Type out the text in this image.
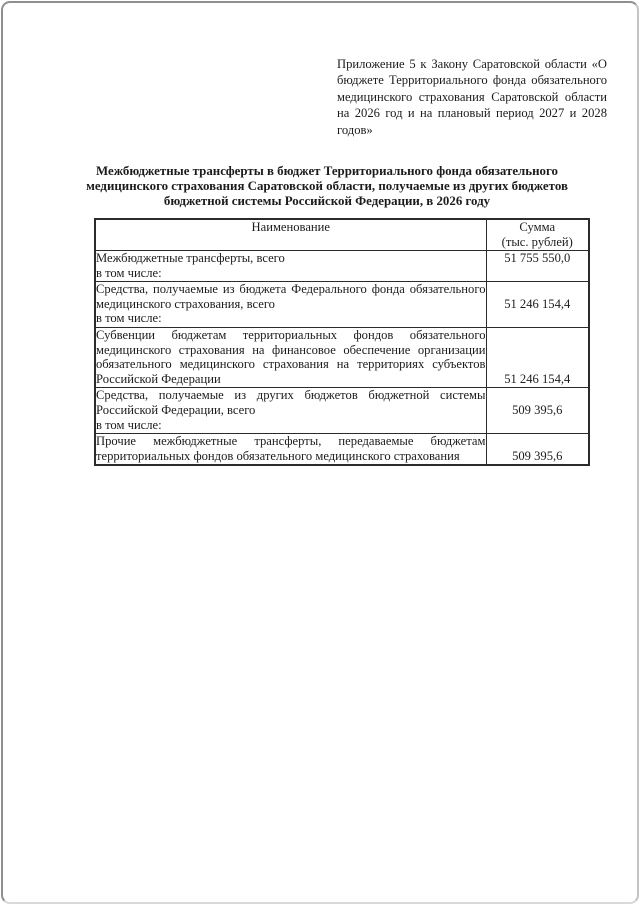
Приложение 5 к Закону Саратовской области «О бюджете Территориального фонда обязательного медицинского страхования Саратовской области на 2026 год и на плановый период 2027 и 2028 годов»
Межбюджетные трансферты в бюджет Территориального фонда обязательного медицинского страхования Саратовской области, получаемые из других бюджетов бюджетной системы Российской Федерации, в 2026 году
Наименование	Сумма
(тыс. рублей)

Межбюджетные трансферты, всего
в том числе:	51 755 550,0

Средства, получаемые из бюджета Федерального фонда обязательного медицинского страхования, всего
в том числе:	51 246 154,4

Субвенции бюджетам территориальных фондов обязательного медицинского страхования на финансовое обеспечение организации обязательного медицинского страхования на территориях субъектов Российской Федерации	51 246 154,4

Средства, получаемые из других бюджетов бюджетной системы Российской Федерации, всего
в том числе:	509 395,6

Прочие межбюджетные трансферты, передаваемые бюджетам территориальных фондов обязательного медицинского страхования	509 395,6
